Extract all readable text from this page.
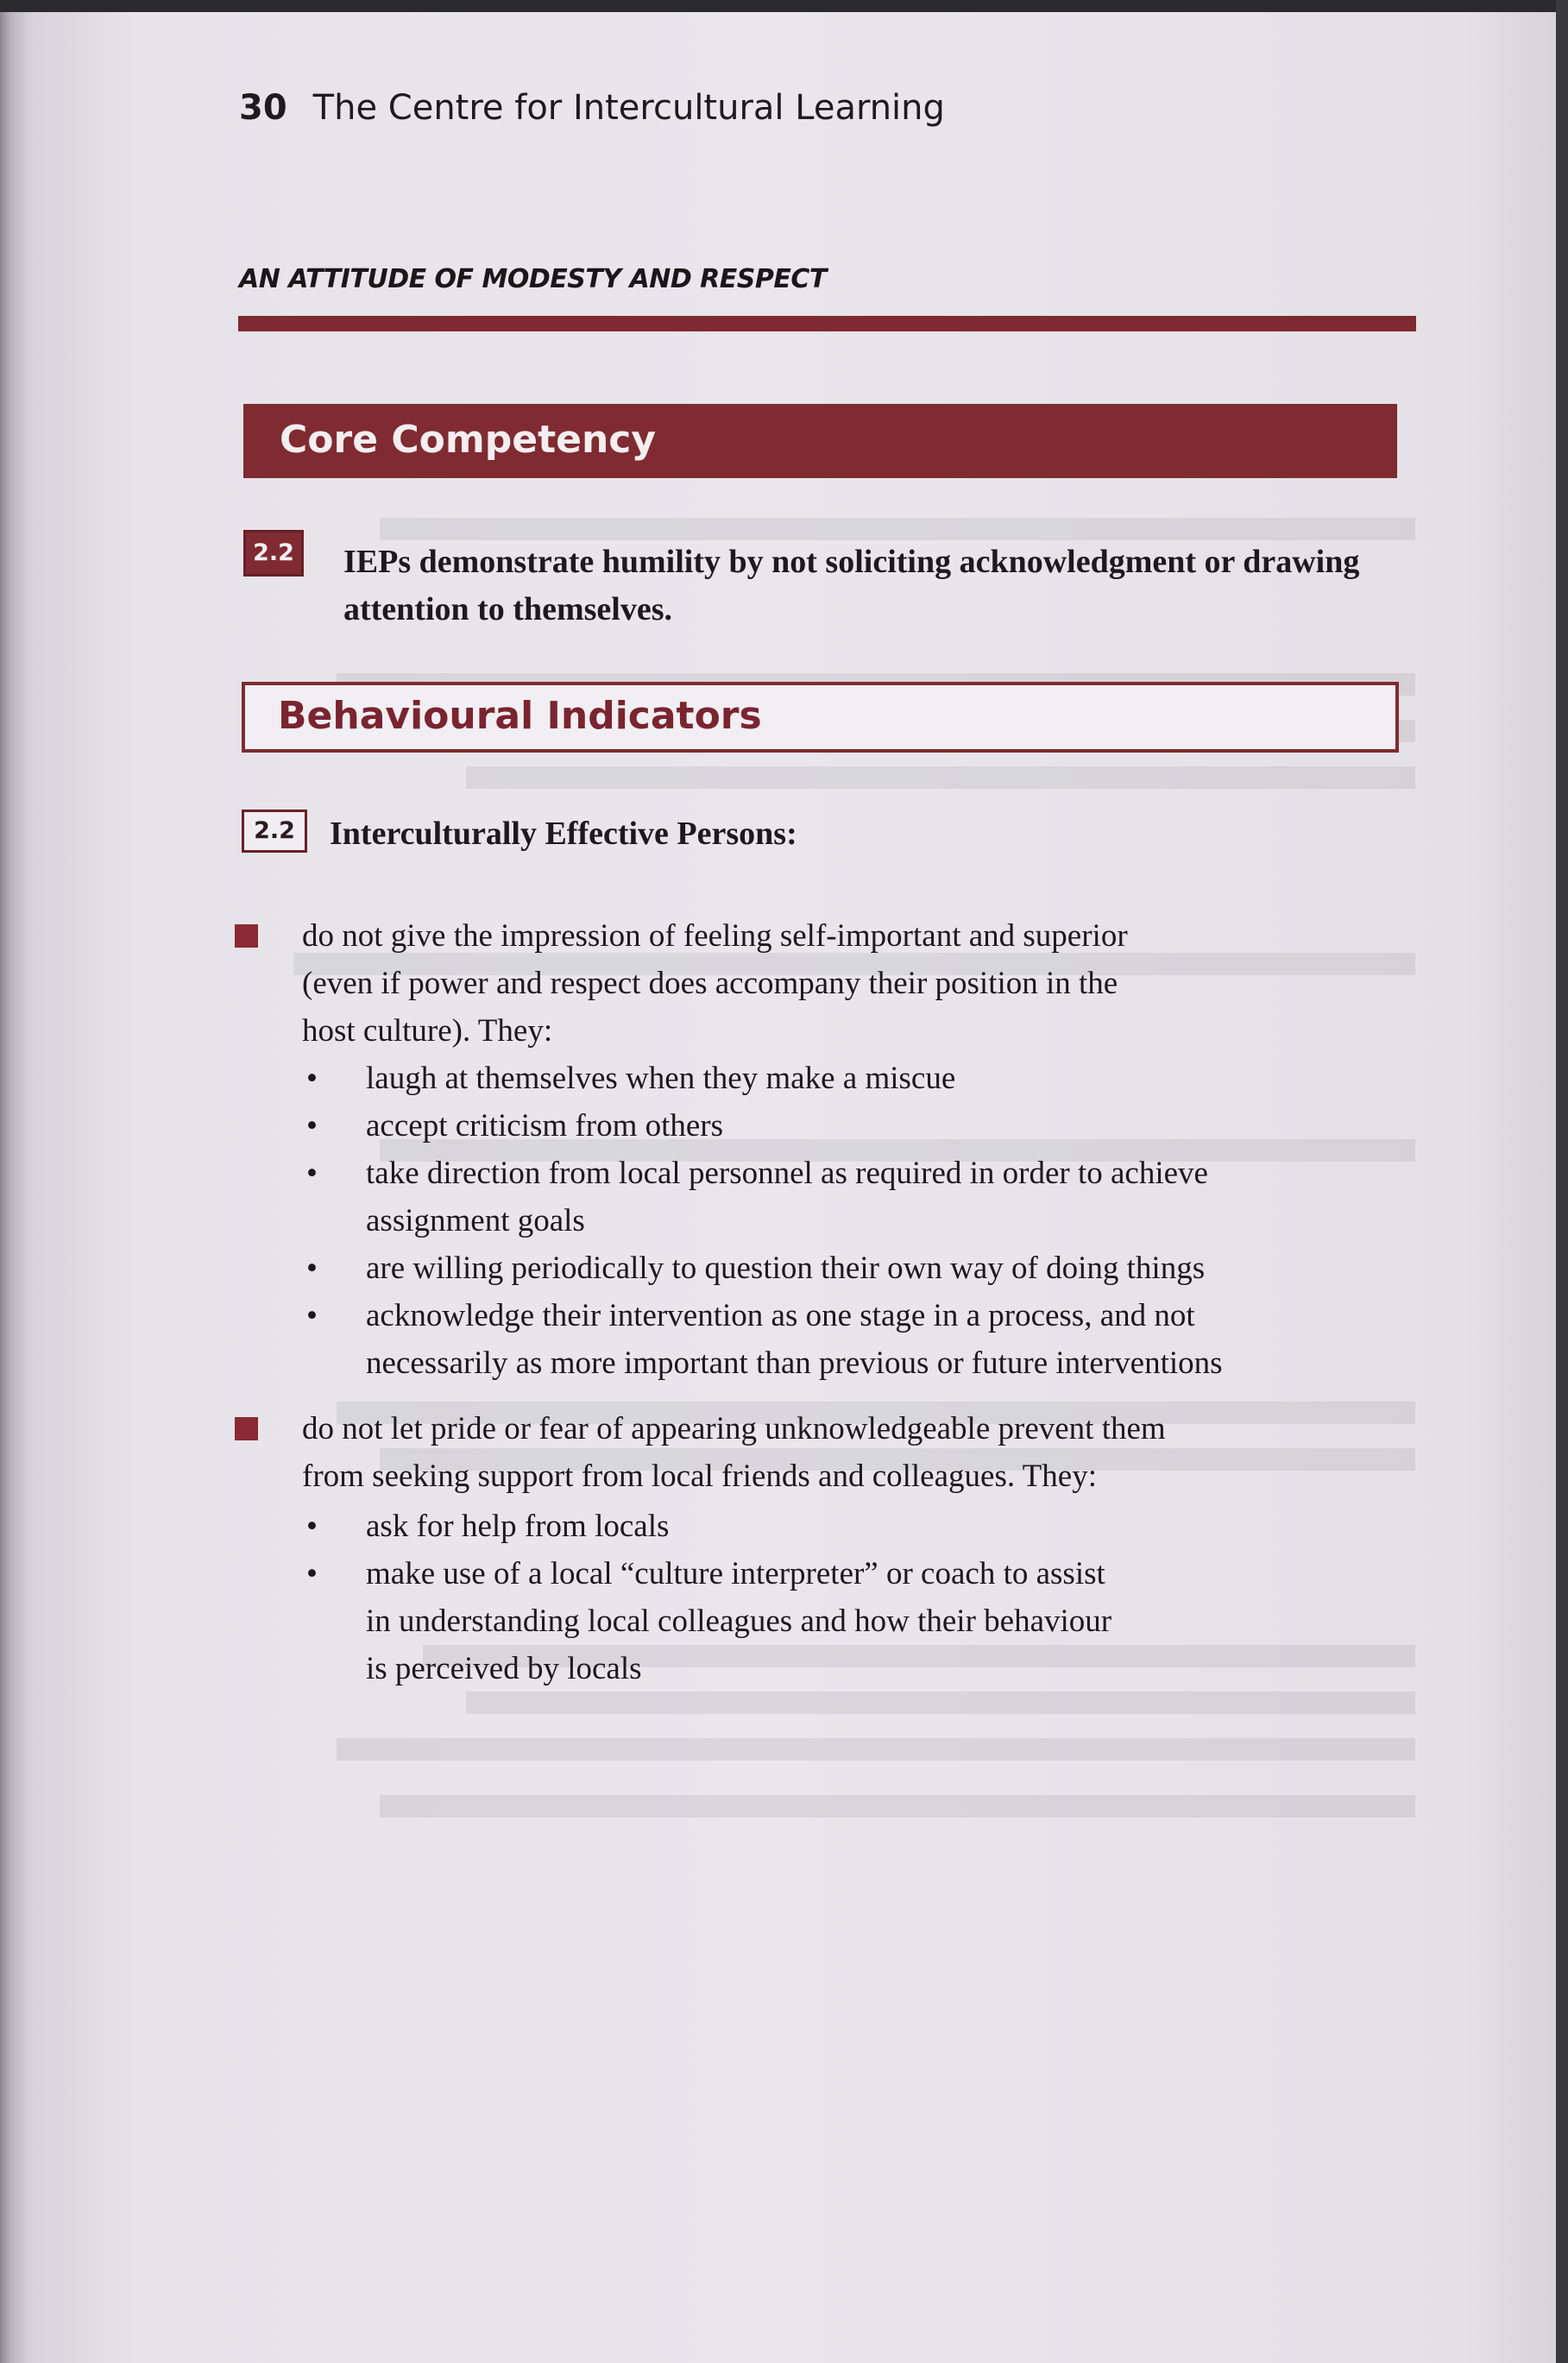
30 The Centre for Intercultural Learning
AN ATTITUDE OF MODESTY AND RESPECT
Core Competency
2.2 IEPs demonstrate humility by not soliciting acknowledgment or drawing attention to themselves.
Behavioural Indicators
2.2	Interculturally Effective Persons:
do not give the impression of feeling self-important and superior
(even if power and respect does accompany their position in the
host culture). They:
• laugh at themselves when they make a miscue
• accept criticism from others
• take direction from local personnel as required in order to achieve
assignment goals
• are willing periodically to question their own way of doing things
• acknowledge their intervention as one stage in a process, and not
necessarily as more important than previous or future interventions
do not let pride or fear of appearing unknowledgeable prevent them
from seeking support from local friends and colleagues. They:
• ask for help from locals
• make use of a local “culture interpreter” or coach to assist
in understanding local colleagues and how their behaviour
is perceived by locals
